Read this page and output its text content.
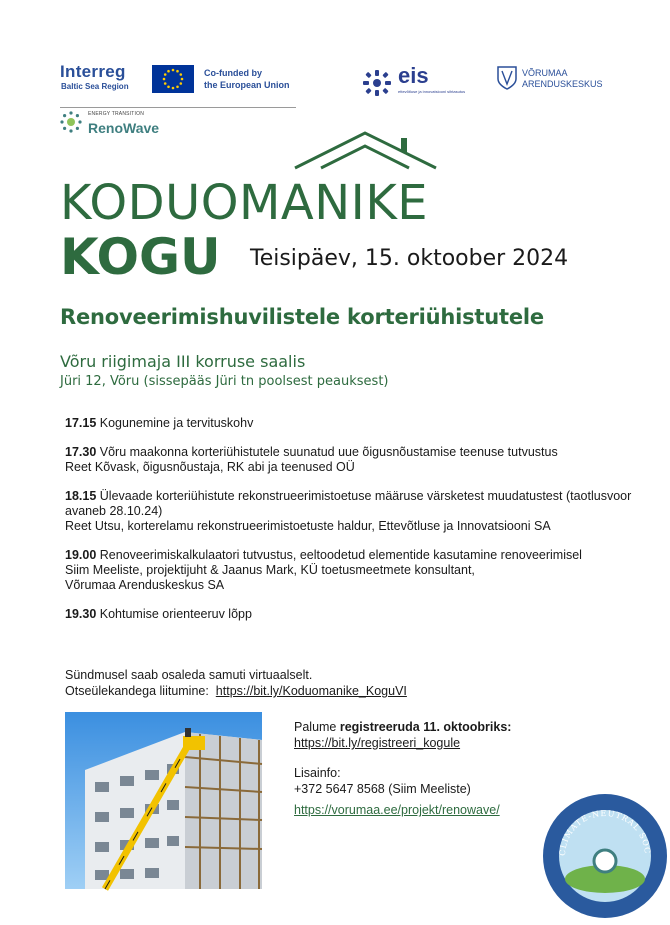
Interreg
Baltic Sea Region
Co-funded by
the European Union
ENERGY TRANSITION
RenoWave
eis
ettevõtluse ja innovatsiooni sihtasutus
VÕRUMAA
ARENDUSKESKUS
KODUOMANIKE
KOGU Teisipäev, 15. oktoober 2024
Renoveerimishuvilistele korteriühistutele
Võru riigimaja III korruse saalis
Jüri 12, Võru (sissepääs Jüri tn poolsest peauksest)
17.15 Kogunemine ja tervituskohv
17.30 Võru maakonna korteriühistutele suunatud uue õigusnõustamise teenuse tutvustus
Reet Kõvask, õigusnõustaja, RK abi ja teenused OÜ
18.15 Ülevaade korteriühistute rekonstrueerimistoetuse määruse värsketest muudatustest (taotlusvoor avaneb 28.10.24)
Reet Utsu, korterelamu rekonstrueerimistoetuste haldur, Ettevõtluse ja Innovatsiooni SA
19.00 Renoveerimiskalkulaatori tutvustus, eeltoodetud elementide kasutamine renoveerimisel
Siim Meeliste, projektijuht & Jaanus Mark, KÜ toetusmeetmete konsultant,
Võrumaa Arenduskeskus SA
19.30 Kohtumise orienteeruv lõpp
Sündmusel saab osaleda samuti virtuaalselt.
Otseülekandega liitumine: https://bit.ly/Koduomanike_KoguVI
Palume registreeruda 11. oktoobriks:
https://bit.ly/registreeri_kogule
Lisainfo:
+372 5647 8568 (Siim Meeliste)
https://vorumaa.ee/projekt/renowave/
CLIMATE-NEUTRAL SOC
